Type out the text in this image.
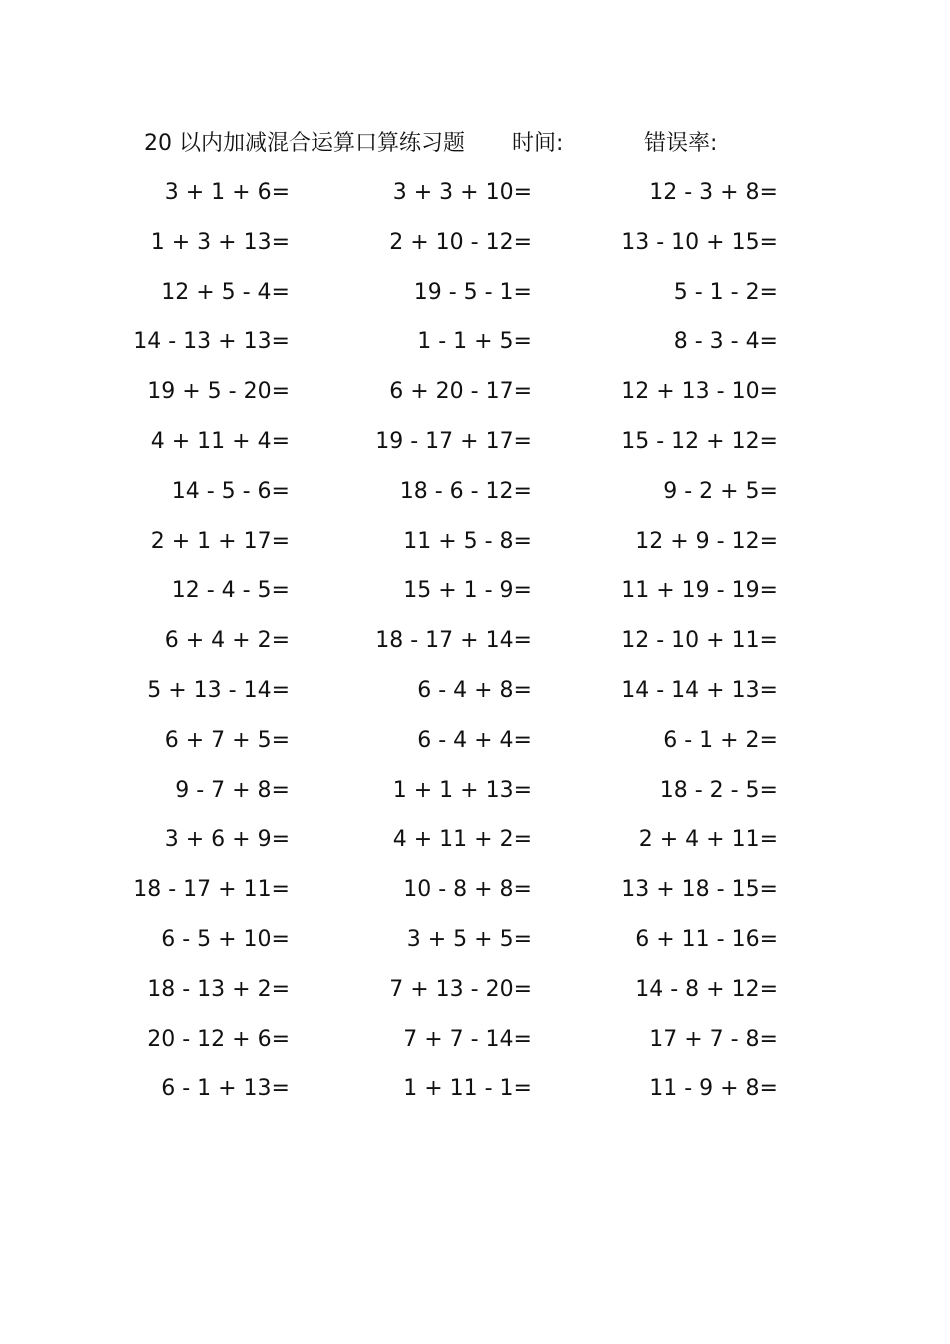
20 以内加减混合运算口算练习题 时间:	错误率:
3 + 1 + 6=	3 + 3 + 10=	12 - 3 + 8=
1 + 3 + 13=	2 + 10 - 12=	13 - 10 + 15=
12 + 5 - 4=	19 - 5 - 1=	5 - 1 - 2=
14 - 13 + 13=	1 - 1 + 5=	8 - 3 - 4=
19 + 5 - 20=	6 + 20 - 17=	12 + 13 - 10=
4 + 11 + 4=	19 - 17 + 17=	15 - 12 + 12=
14 - 5 - 6=	18 - 6 - 12=	9 - 2 + 5=
2 + 1 + 17=	11 + 5 - 8=	12 + 9 - 12=
12 - 4 - 5=	15 + 1 - 9=	11 + 19 - 19=
6 + 4 + 2=	18 - 17 + 14=	12 - 10 + 11=
5 + 13 - 14=	6 - 4 + 8=	14 - 14 + 13=
6 + 7 + 5=	6 - 4 + 4=	6 - 1 + 2=
9 - 7 + 8=	1 + 1 + 13=	18 - 2 - 5=
3 + 6 + 9=	4 + 11 + 2=	2 + 4 + 11=
18 - 17 + 11=	10 - 8 + 8=	13 + 18 - 15=
6 - 5 + 10=	3 + 5 + 5=	6 + 11 - 16=
18 - 13 + 2=	7 + 13 - 20=	14 - 8 + 12=
20 - 12 + 6=	7 + 7 - 14=	17 + 7 - 8=
6 - 1 + 13=	1 + 11 - 1=	11 - 9 + 8=
